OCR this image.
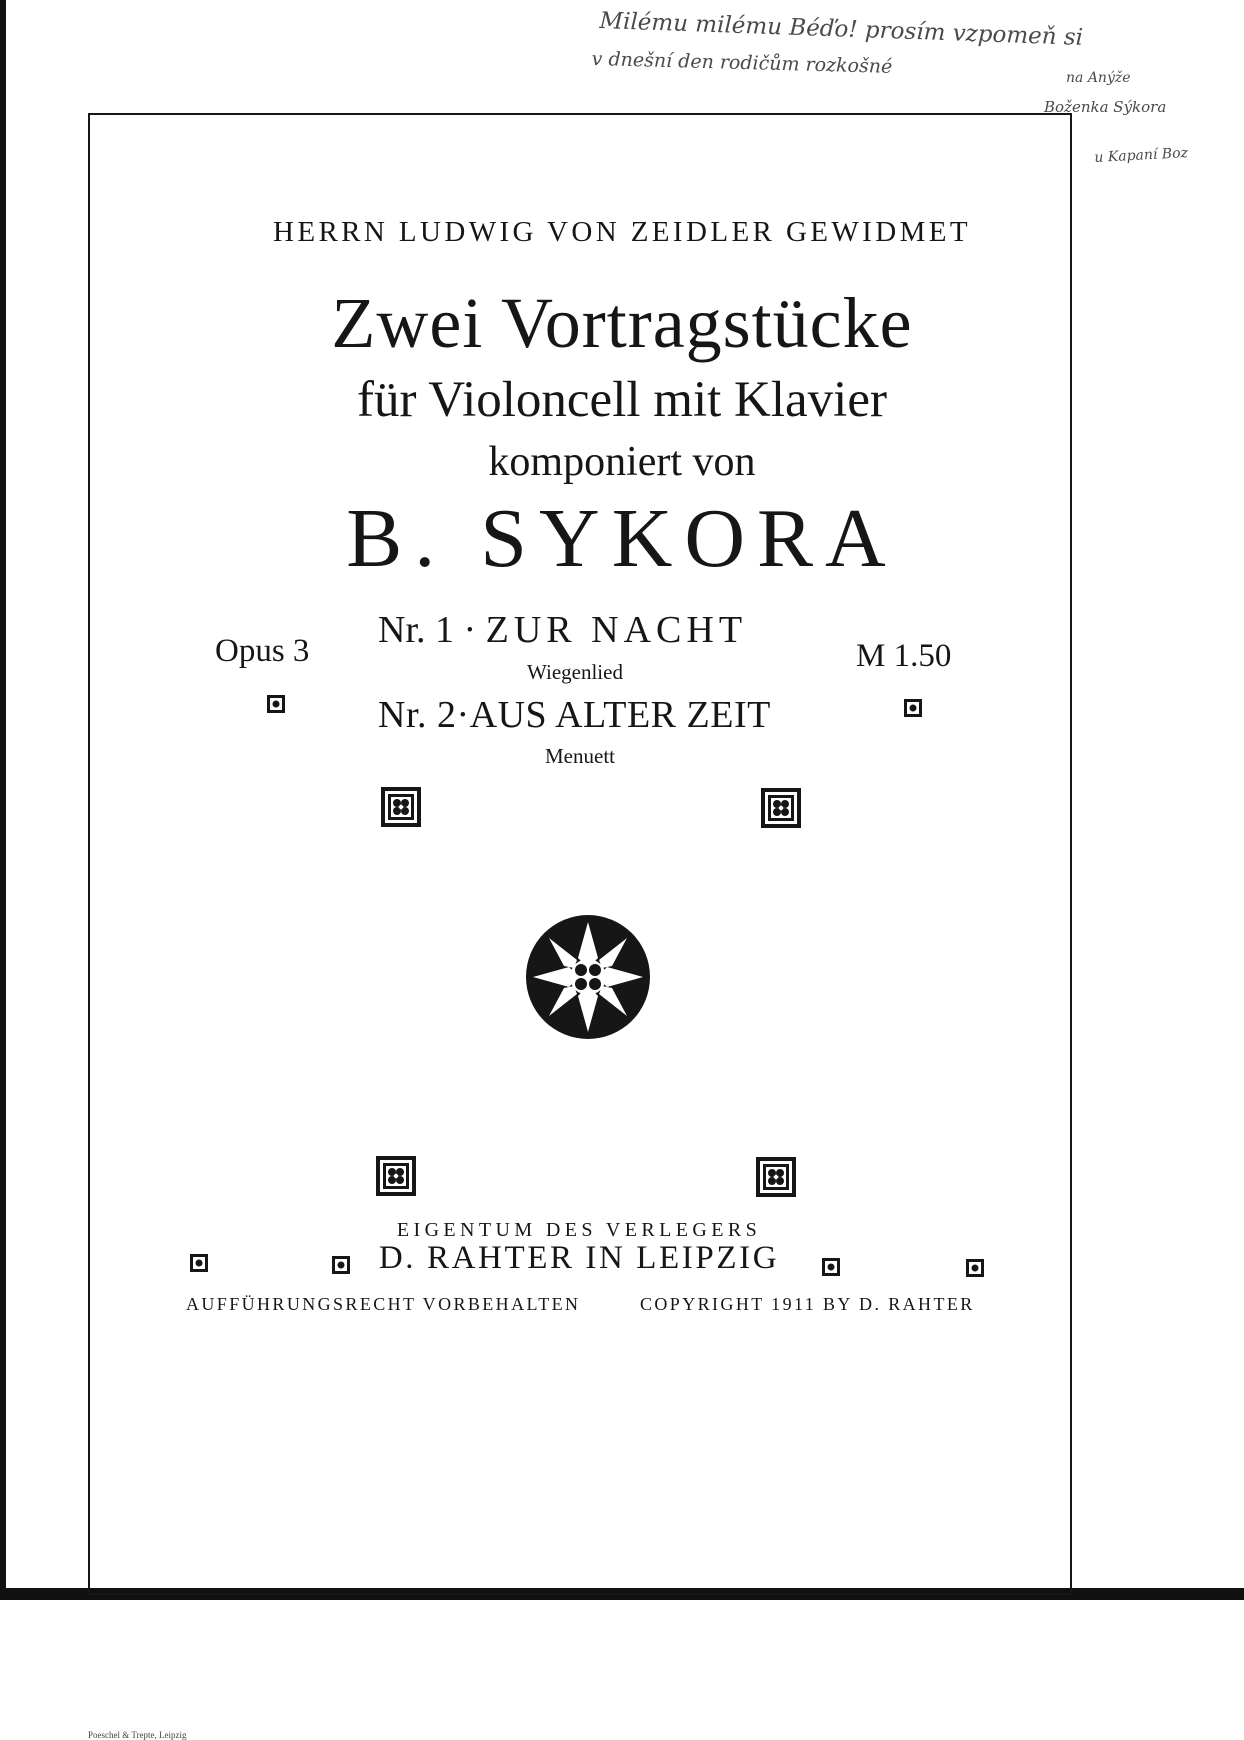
Milému milému Béďo! prosím vzpomeň si
v dnešní den rodičům rozkošné
na Anýže
Boženka Sýkora
u Kapaní Boz
HERRN LUDWIG VON ZEIDLER GEWIDMET
Zwei Vortragstücke
für Violoncell mit Klavier
komponiert von
B. SYKORA
Opus 3	M 1.50
Nr. 1 · ZUR NACHT
Wiegenlied
Nr. 2·AUS ALTER ZEIT
Menuett
EIGENTUM DES VERLEGERS
D. RAHTER IN LEIPZIG
AUFFÜHRUNGSRECHT VORBEHALTEN	COPYRIGHT 1911 BY D. RAHTER
Poeschel & Trepte, Leipzig
